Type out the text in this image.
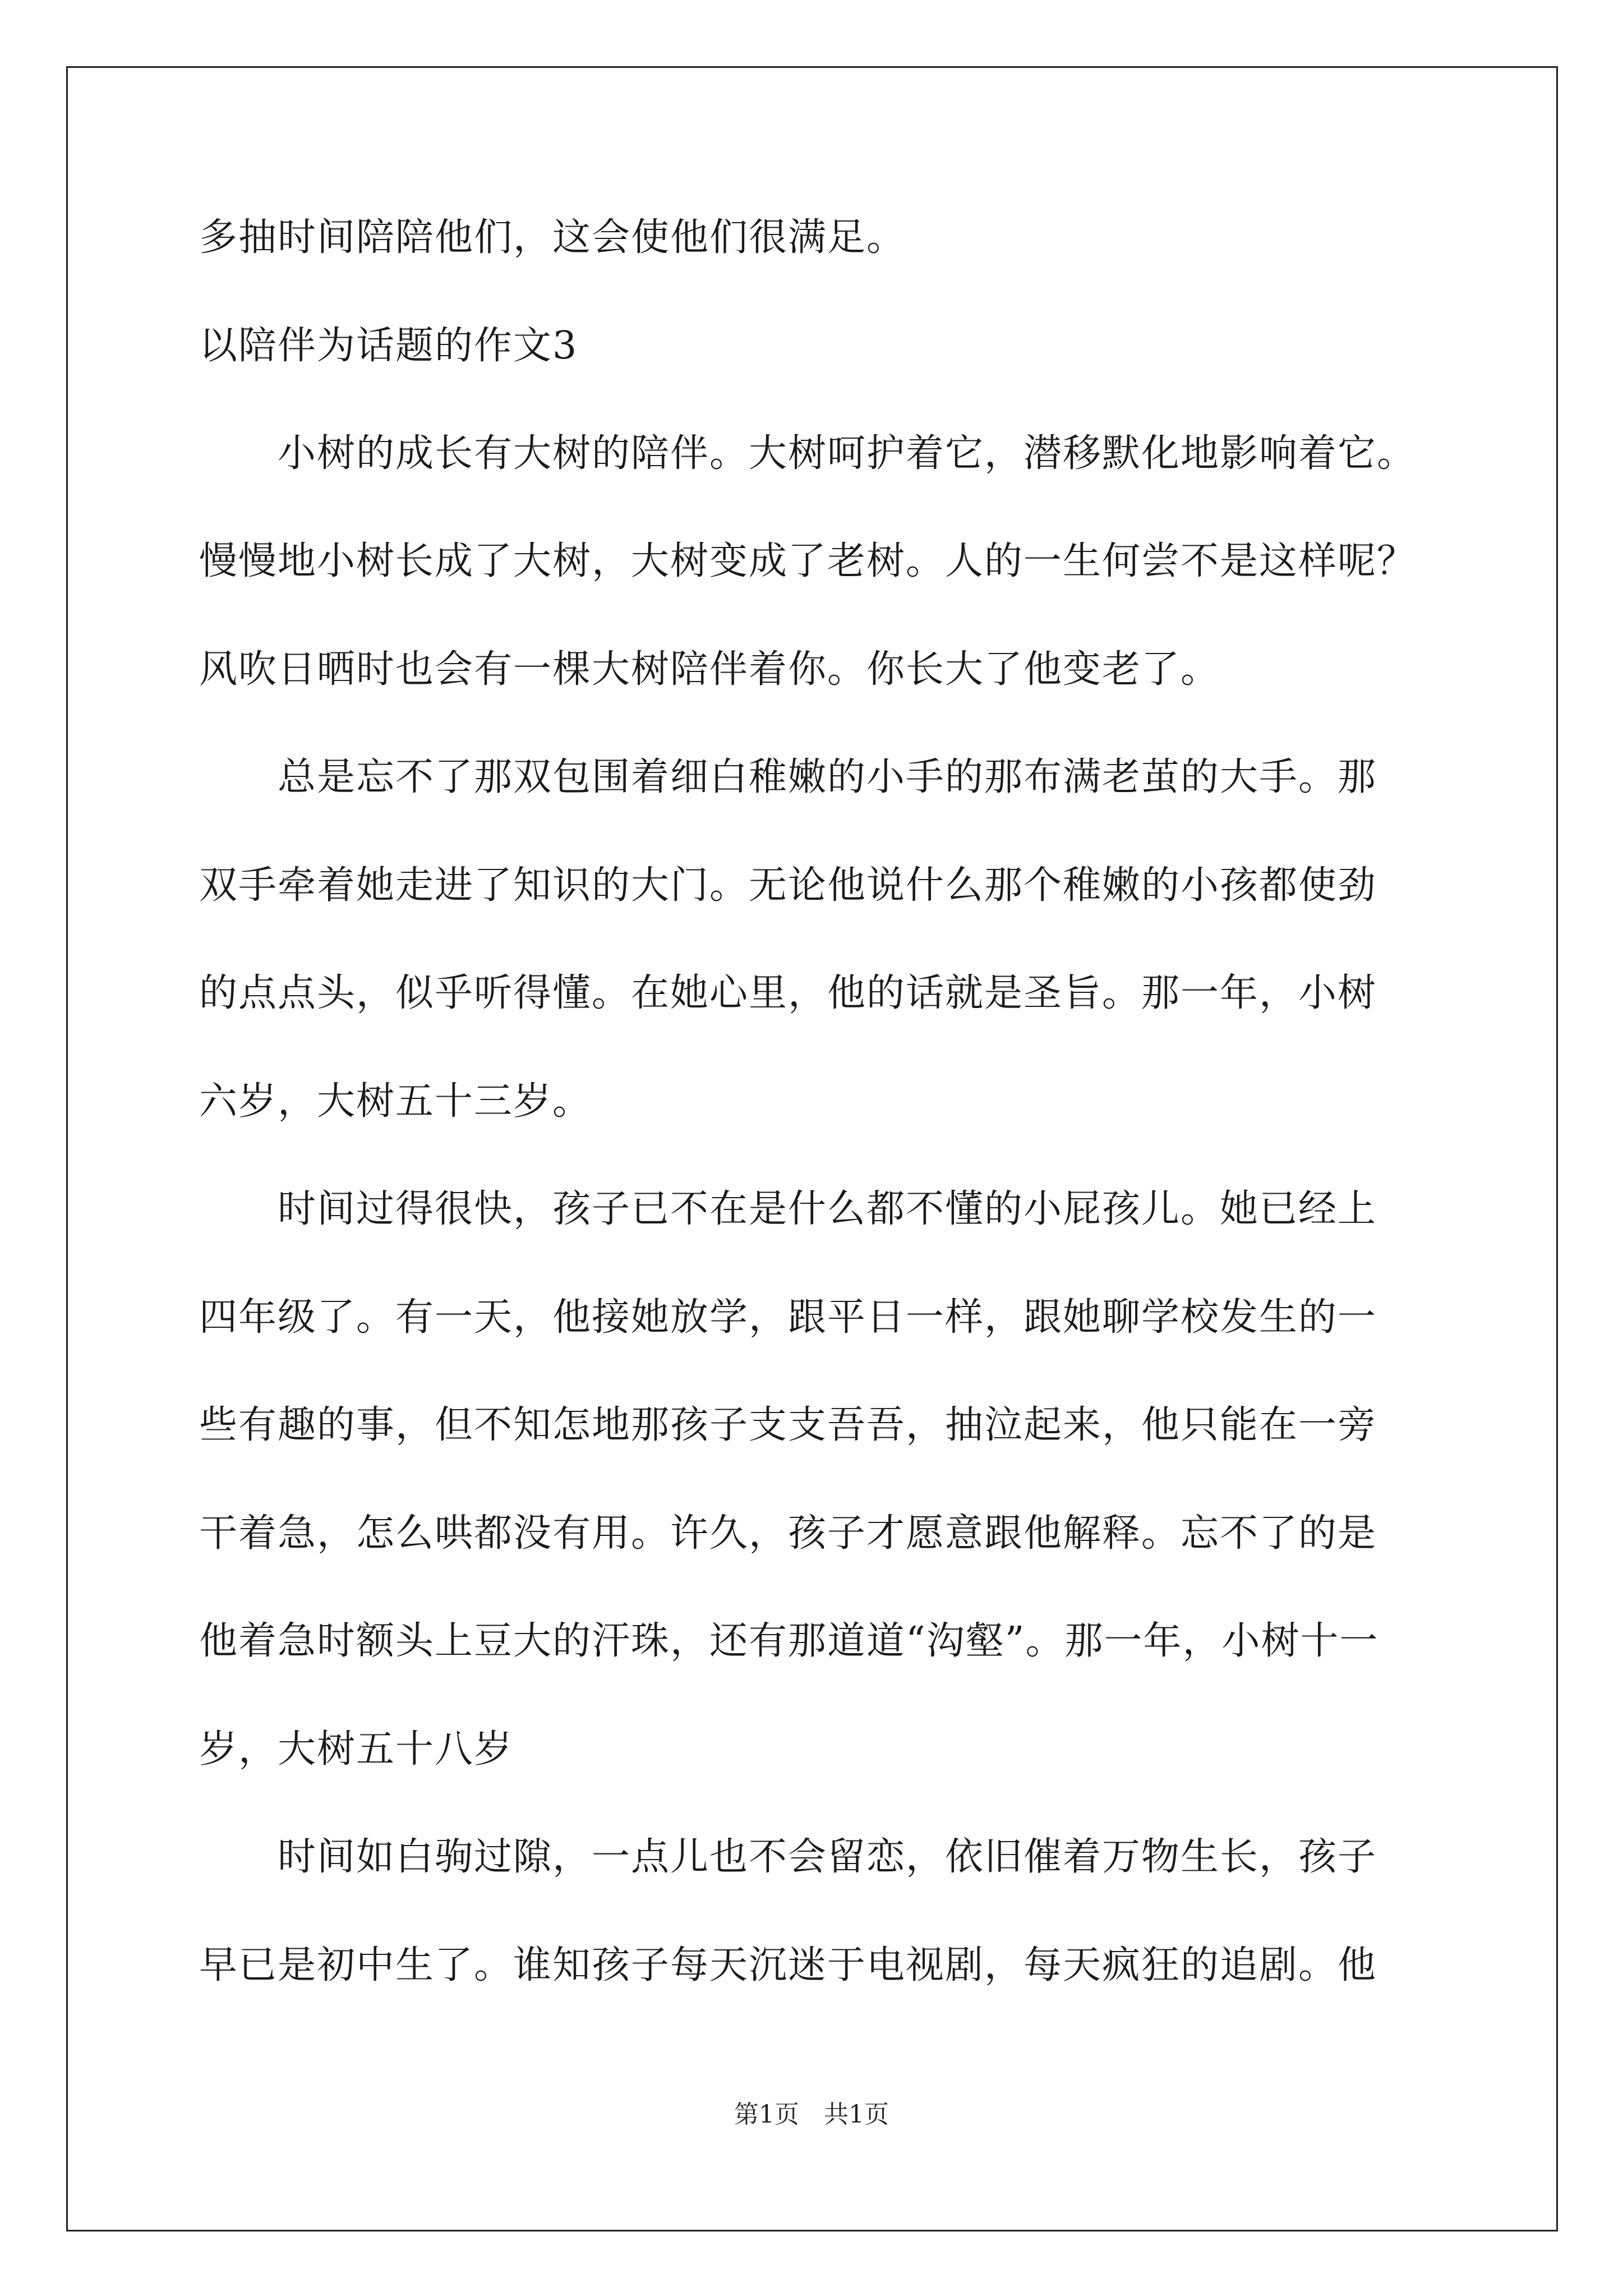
多抽时间陪陪他们，这会使他们很满足。

以陪伴为话题的作文3

　　小树的成长有大树的陪伴。大树呵护着它，潜移默化地影响着它。

慢慢地小树长成了大树，大树变成了老树。人的一生何尝不是这样呢？

风吹日晒时也会有一棵大树陪伴着你。你长大了他变老了。

　　总是忘不了那双包围着细白稚嫩的小手的那布满老茧的大手。那

双手牵着她走进了知识的大门。无论他说什么那个稚嫩的小孩都使劲

的点点头，似乎听得懂。在她心里，他的话就是圣旨。那一年，小树

六岁，大树五十三岁。

　　时间过得很快，孩子已不在是什么都不懂的小屁孩儿。她已经上

四年级了。有一天，他接她放学，跟平日一样，跟她聊学校发生的一

些有趣的事，但不知怎地那孩子支支吾吾，抽泣起来，他只能在一旁

干着急，怎么哄都没有用。许久，孩子才愿意跟他解释。忘不了的是

他着急时额头上豆大的汗珠，还有那道道“沟壑”。那一年，小树十一

岁，大树五十八岁

　　时间如白驹过隙，一点儿也不会留恋，依旧催着万物生长，孩子

早已是初中生了。谁知孩子每天沉迷于电视剧，每天疯狂的追剧。他

第1页　共1页
